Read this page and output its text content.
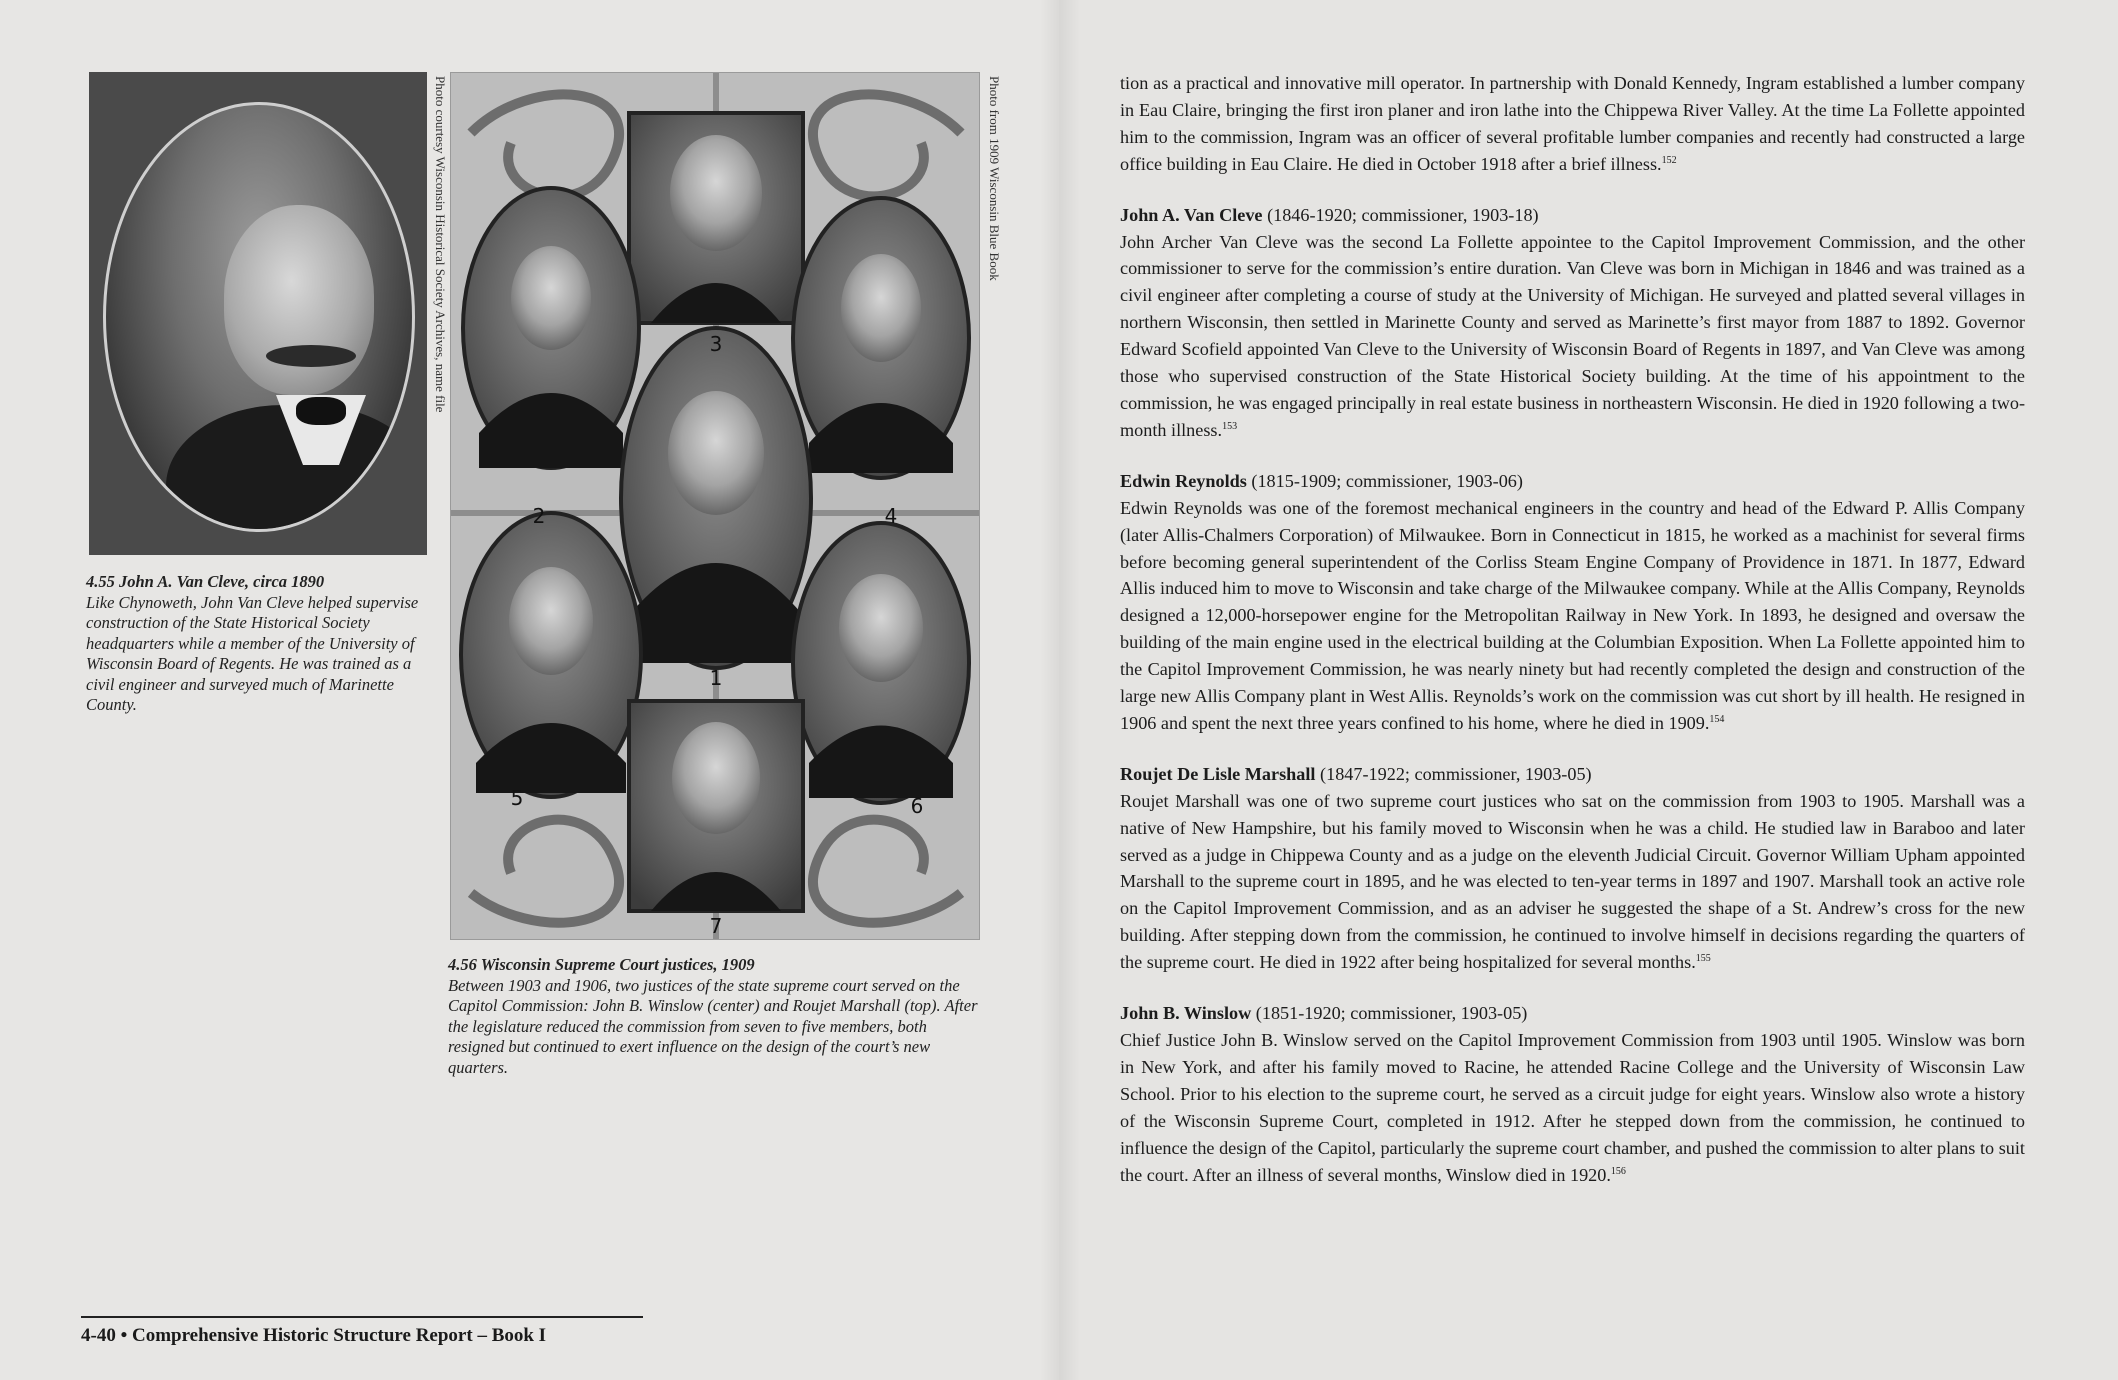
Photo courtesy Wisconsin Historical Society Archives, name file
4.55 John A. Van Cleve, circa 1890
Like Chynoweth, John Van Cleve helped supervise construction of the State Historical Society headquarters while a member of the University of Wisconsin Board of Regents. He was trained as a civil engineer and surveyed much of Marinette County.
3
2	4
1
5	6
7
Photo from 1909 Wisconsin Blue Book
4.56 Wisconsin Supreme Court justices, 1909
Between 1903 and 1906, two justices of the state supreme court served on the Capitol Commission: John B. Winslow (center) and Roujet Marshall (top). After the legislature reduced the commission from seven to five members, both resigned but continued to exert influence on the design of the court’s new quarters.
4-40 • Comprehensive Historic Structure Report – Book I

tion as a practical and innovative mill operator. In partnership with Donald Kennedy, Ingram established a lumber company in Eau Claire, bringing the first iron planer and iron lathe into the Chippewa River Valley. At the time La Follette appointed him to the commission, Ingram was an officer of several profitable lumber companies and recently had constructed a large office building in Eau Claire. He died in October 1918 after a brief illness.$^{152}$

John A. Van Cleve (1846-1920; commissioner, 1903-18)

John Archer Van Cleve was the second La Follette appointee to the Capitol Improvement Commission, and the other commissioner to serve for the commission’s entire duration. Van Cleve was born in Michigan in 1846 and was trained as a civil engineer after completing a course of study at the University of Michigan. He surveyed and platted several villages in northern Wisconsin, then settled in Marinette County and served as Marinette’s first mayor from 1887 to 1892. Governor Edward Scofield appointed Van Cleve to the University of Wisconsin Board of Regents in 1897, and Van Cleve was among those who supervised construction of the State Historical Society building. At the time of his appointment to the commission, he was engaged principally in real estate business in northeastern Wisconsin. He died in 1920 following a two-month illness.$^{153}$

Edwin Reynolds (1815-1909; commissioner, 1903-06)

Edwin Reynolds was one of the foremost mechanical engineers in the country and head of the Edward P. Allis Company (later Allis-Chalmers Corporation) of Milwaukee. Born in Connecticut in 1815, he worked as a machinist for several firms before becoming general superintendent of the Corliss Steam Engine Company of Providence in 1871. In 1877, Edward Allis induced him to move to Wisconsin and take charge of the Milwaukee company. While at the Allis Company, Reynolds designed a 12,000-horsepower engine for the Metropolitan Railway in New York. In 1893, he designed and oversaw the building of the main engine used in the electrical building at the Columbian Exposition. When La Follette appointed him to the Capitol Improvement Commission, he was nearly ninety but had recently completed the design and construction of the large new Allis Company plant in West Allis. Reynolds’s work on the commission was cut short by ill health. He resigned in 1906 and spent the next three years confined to his home, where he died in 1909.$^{154}$

Roujet De Lisle Marshall (1847-1922; commissioner, 1903-05)

Roujet Marshall was one of two supreme court justices who sat on the commission from 1903 to 1905. Marshall was a native of New Hampshire, but his family moved to Wisconsin when he was a child. He studied law in Baraboo and later served as a judge in Chippewa County and as a judge on the eleventh Judicial Circuit. Governor William Upham appointed Marshall to the supreme court in 1895, and he was elected to ten-year terms in 1897 and 1907. Marshall took an active role on the Capitol Improvement Commission, and as an adviser he suggested the shape of a St. Andrew’s cross for the new building. After stepping down from the commission, he continued to involve himself in decisions regarding the quarters of the supreme court. He died in 1922 after being hospitalized for several months.$^{155}$

John B. Winslow (1851-1920; commissioner, 1903-05)

Chief Justice John B. Winslow served on the Capitol Improvement Commission from 1903 until 1905. Winslow was born in New York, and after his family moved to Racine, he attended Racine College and the University of Wisconsin Law School. Prior to his election to the supreme court, he served as a circuit judge for eight years. Winslow also wrote a history of the Wisconsin Supreme Court, completed in 1912. After he stepped down from the commission, he continued to influence the design of the Capitol, particularly the supreme court chamber, and pushed the commission to alter plans to suit the court. After an illness of several months, Winslow died in 1920.$^{156}$
